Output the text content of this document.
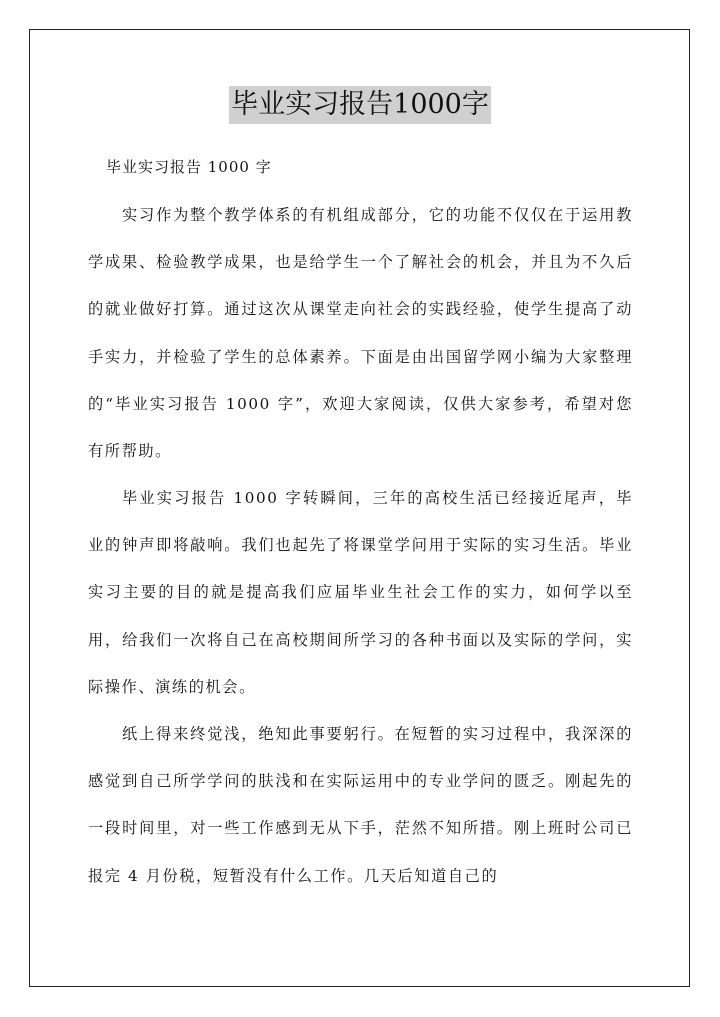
毕业实习报告1000字
毕业实习报告 1000 字

实习作为整个教学体系的有机组成部分，它的功能不仅仅在于运用教学成果、检验教学成果，也是给学生一个了解社会的机会，并且为不久后的就业做好打算。通过这次从课堂走向社会的实践经验，使学生提高了动手实力，并检验了学生的总体素养。下面是由出国留学网小编为大家整理的“毕业实习报告 1000 字”，欢迎大家阅读，仅供大家参考，希望对您有所帮助。

毕业实习报告 1000 字转瞬间，三年的高校生活已经接近尾声，毕业的钟声即将敲响。我们也起先了将课堂学问用于实际的实习生活。毕业实习主要的目的就是提高我们应届毕业生社会工作的实力，如何学以至用，给我们一次将自己在高校期间所学习的各种书面以及实际的学问，实际操作、演练的机会。

纸上得来终觉浅，绝知此事要躬行。在短暂的实习过程中，我深深的感觉到自己所学学问的肤浅和在实际运用中的专业学问的匮乏。刚起先的一段时间里，对一些工作感到无从下手，茫然不知所措。刚上班时公司已报完 4 月份税，短暂没有什么工作。几天后知道自己的
